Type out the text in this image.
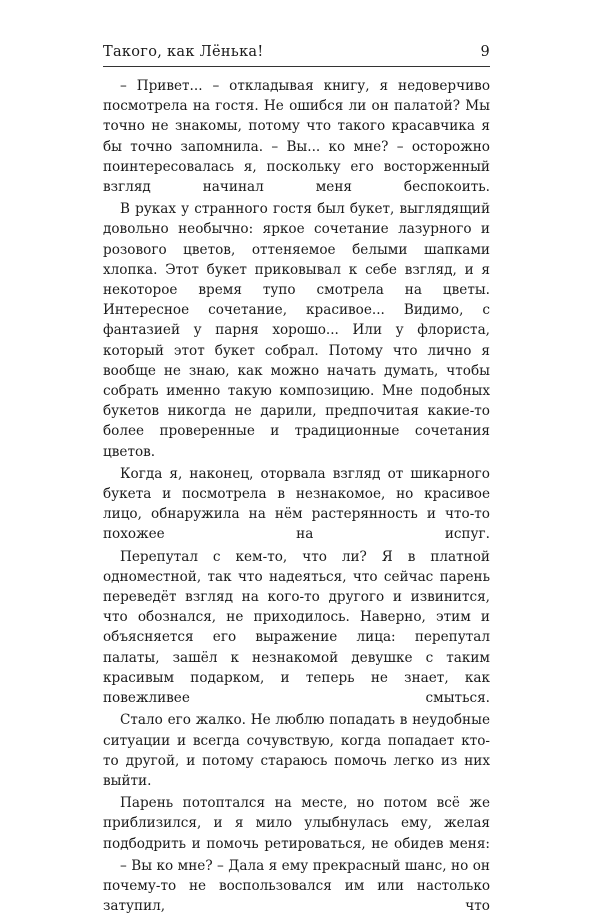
Такого, как Лёнька!	9

– Привет... – откладывая книгу, я недоверчиво посмотрела на гостя. Не ошибся ли он палатой? Мы точно не знакомы, потому что такого красавчика я бы точно запомнила. – Вы... ко мне? – осторожно поинтересовалась я, поскольку его восторженный взгляд начинал меня беспокоить.

В руках у странного гостя был букет, выглядящий довольно необычно: яркое сочетание лазурного и розового цветов, оттеняемое белыми шапками хлопка. Этот букет приковывал к себе взгляд, и я некоторое время тупо смотрела на цветы. Интересное сочетание, красивое... Видимо, с фантазией у парня хорошо... Или у флориста, который этот букет собрал. Потому что лично я вообще не знаю, как можно начать думать, чтобы собрать именно такую композицию. Мне подобных букетов никогда не дарили, предпочитая какие-то более проверенные и традиционные сочетания цветов.

Когда я, наконец, оторвала взгляд от шикарного букета и посмотрела в незнакомое, но красивое лицо, обнаружила на нём растерянность и что-то похожее на испуг.

Перепутал с кем-то, что ли? Я в платной одноместной, так что надеяться, что сейчас парень переведёт взгляд на кого-то другого и извинится, что обознался, не приходилось. Наверно, этим и объясняется его выражение лица: перепутал палаты, зашёл к незнакомой девушке с таким красивым подарком, и теперь не знает, как повежливее смыться.

Стало его жалко. Не люблю попадать в неудобные ситуации и всегда сочувствую, когда попадает кто-то другой, и потому стараюсь помочь легко из них выйти.

Парень потоптался на месте, но потом всё же приблизился, и я мило улыбнулась ему, желая подбодрить и помочь ретироваться, не обидев меня:

– Вы ко мне? – Дала я ему прекрасный шанс, но он почему-то не воспользовался им или настолько затупил, что
